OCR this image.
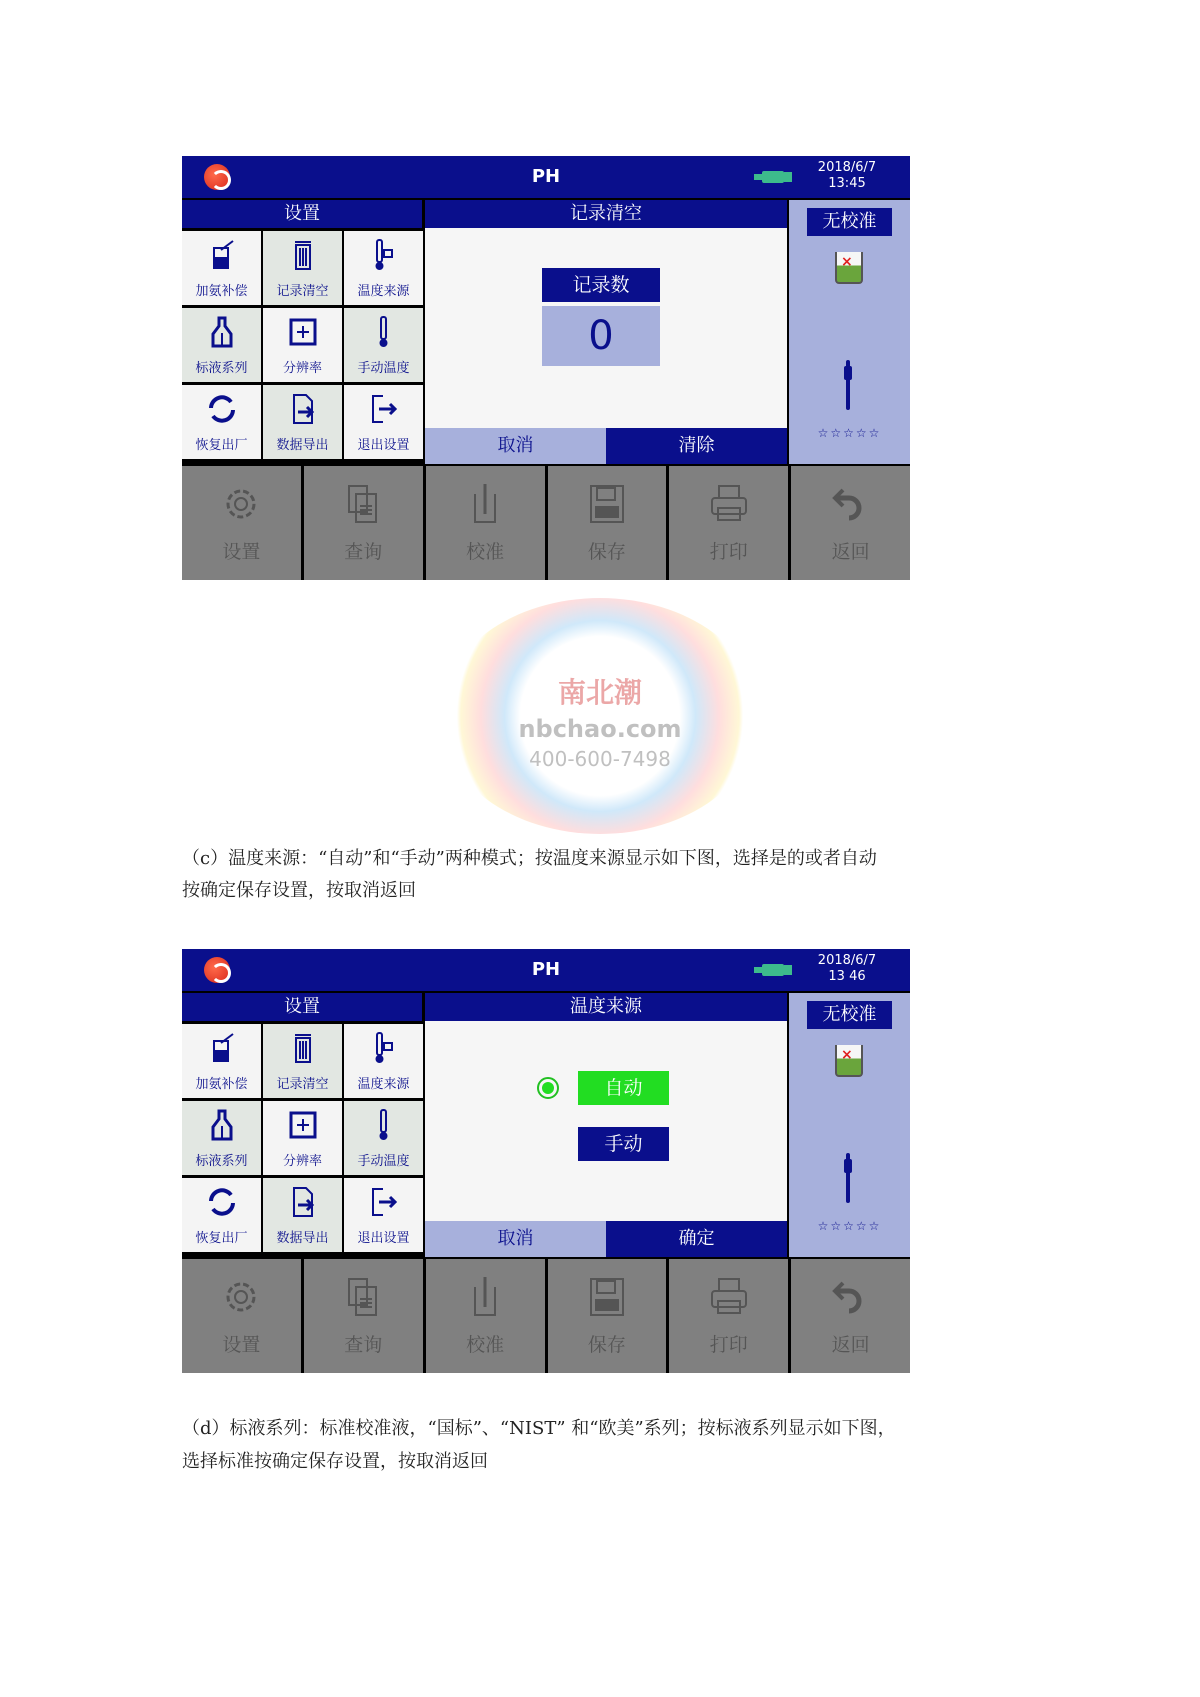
PH	2018/6/7
13:45
设置
加氨补偿 记录清空 温度来源
标液系列	分辨率	手动温度
恢复出厂 数据导出 退出设置
记录清空
记录数
0
取消	清除
无校准
×
☆☆☆☆☆
设置	查询	校准	保存	打印	返回
南北潮
nbchao.com
400-600-7498
（c）温度来源：“自动”和“手动”两种模式；按温度来源显示如下图，选择是的或者自动
按确定保存设置，按取消返回
PH	2018/6/7
13 46
设置
加氨补偿 记录清空 温度来源
标液系列	分辨率	手动温度
恢复出厂 数据导出 退出设置
温度来源
自动
手动
取消	确定
无校准
×
☆☆☆☆☆
设置	查询	校准	保存	打印	返回
（d）标液系列：标准校准液，“国标”、“NIST” 和“欧美”系列；按标液系列显示如下图，
选择标准按确定保存设置，按取消返回
